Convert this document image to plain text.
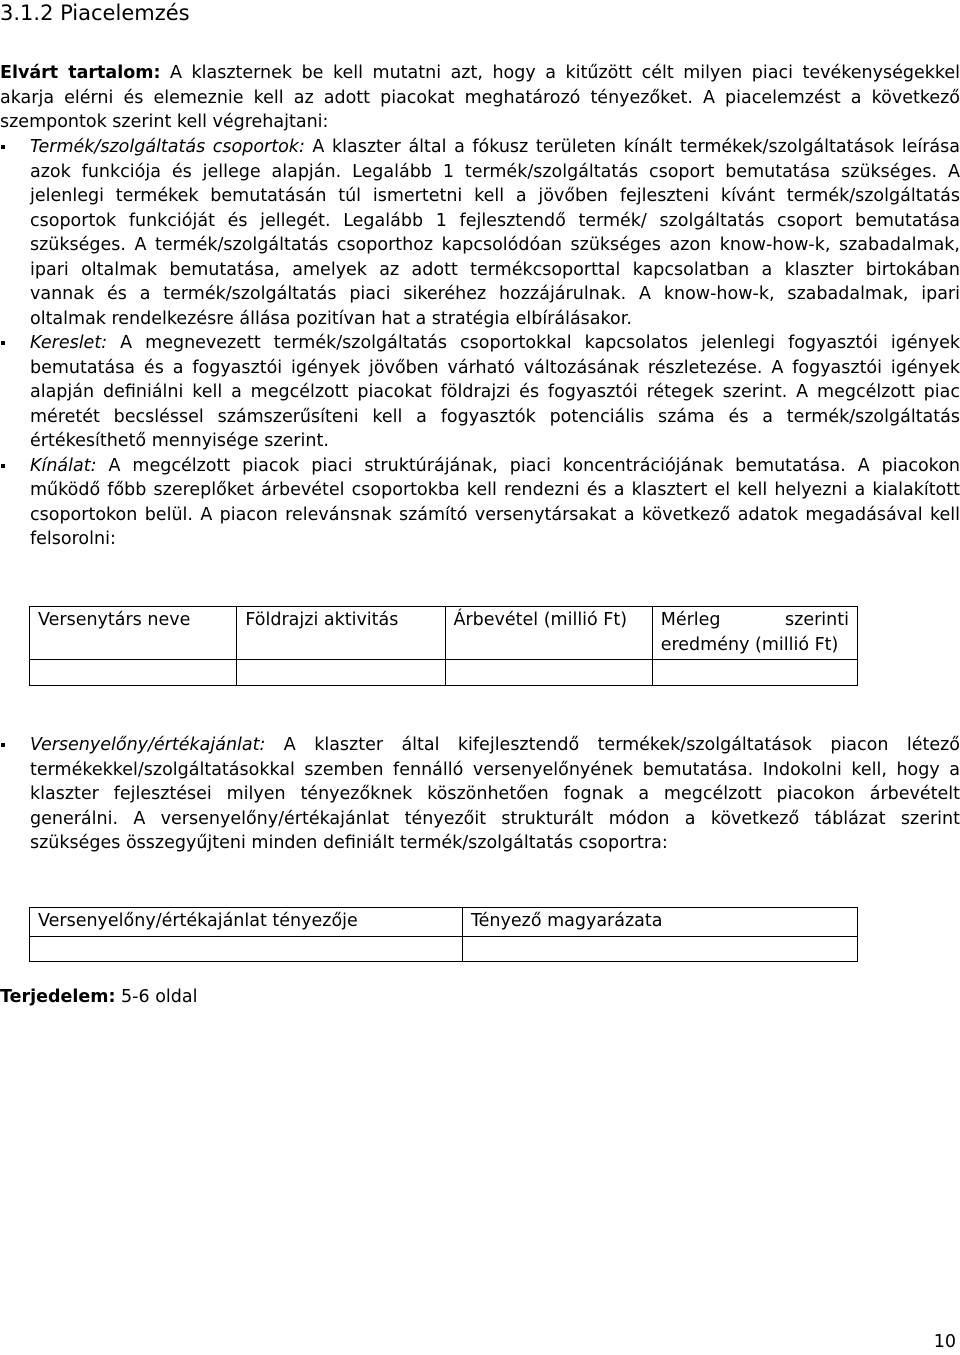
3.1.2 Piacelemzés

Elvárt tartalom: A klaszternek be kell mutatni azt, hogy a kitűzött célt milyen piaci tevékenységekkel akarja elérni és elemeznie kell az adott piacokat meghatározó tényezőket. A piacelemzést a következő szempontok szerint kell végrehajtani:

Termék/szolgáltatás csoportok: A klaszter által a fókusz területen kínált termékek/szolgáltatások leírása azok funkciója és jellege alapján. Legalább 1 termék/szolgáltatás csoport bemutatása szükséges. A jelenlegi termékek bemutatásán túl ismertetni kell a jövőben fejleszteni kívánt termék/szolgáltatás csoportok funkcióját és jellegét. Legalább 1 fejlesztendő termék/ szolgáltatás csoport bemutatása szükséges. A termék/szolgáltatás csoporthoz kapcsolódóan szükséges azon know-how-k, szabadalmak, ipari oltalmak bemutatása, amelyek az adott termékcsoporttal kapcsolatban a klaszter birtokában vannak és a termék/szolgáltatás piaci sikeréhez hozzájárulnak. A know-how-k, szabadalmak, ipari oltalmak rendelkezésre állása pozitívan hat a stratégia elbírálásakor.
Kereslet: A megnevezett termék/szolgáltatás csoportokkal kapcsolatos jelenlegi fogyasztói igények bemutatása és a fogyasztói igények jövőben várható változásának részletezése. A fogyasztói igények alapján definiálni kell a megcélzott piacokat földrajzi és fogyasztói rétegek szerint. A megcélzott piac méretét becsléssel számszerűsíteni kell a fogyasztók potenciális száma és a termék/szolgáltatás értékesíthető mennyisége szerint.
Kínálat: A megcélzott piacok piaci struktúrájának, piaci koncentrációjának bemutatása. A piacokon működő főbb szereplőket árbevétel csoportokba kell rendezni és a klasztert el kell helyezni a kialakított csoportokon belül. A piacon relevánsnak számító versenytársakat a következő adatok megadásával kell felsorolni:
Versenytárs neve	Földrajzi aktivitás	Árbevétel (millió Ft)	Mérleg szerinti eredmény (millió Ft)

Versenyelőny/értékajánlat: A klaszter által kifejlesztendő termékek/szolgáltatások piacon létező termékekkel/szolgáltatásokkal szemben fennálló versenyelőnyének bemutatása. Indokolni kell, hogy a klaszter fejlesztései milyen tényezőknek köszönhetően fognak a megcélzott piacokon árbevételt generálni. A versenyelőny/értékajánlat tényezőit strukturált módon a következő táblázat szerint szükséges összegyűjteni minden definiált termék/szolgáltatás csoportra:
Versenyelőny/értékajánlat tényezője	Tényező magyarázata

Terjedelem: 5-6 oldal

10
